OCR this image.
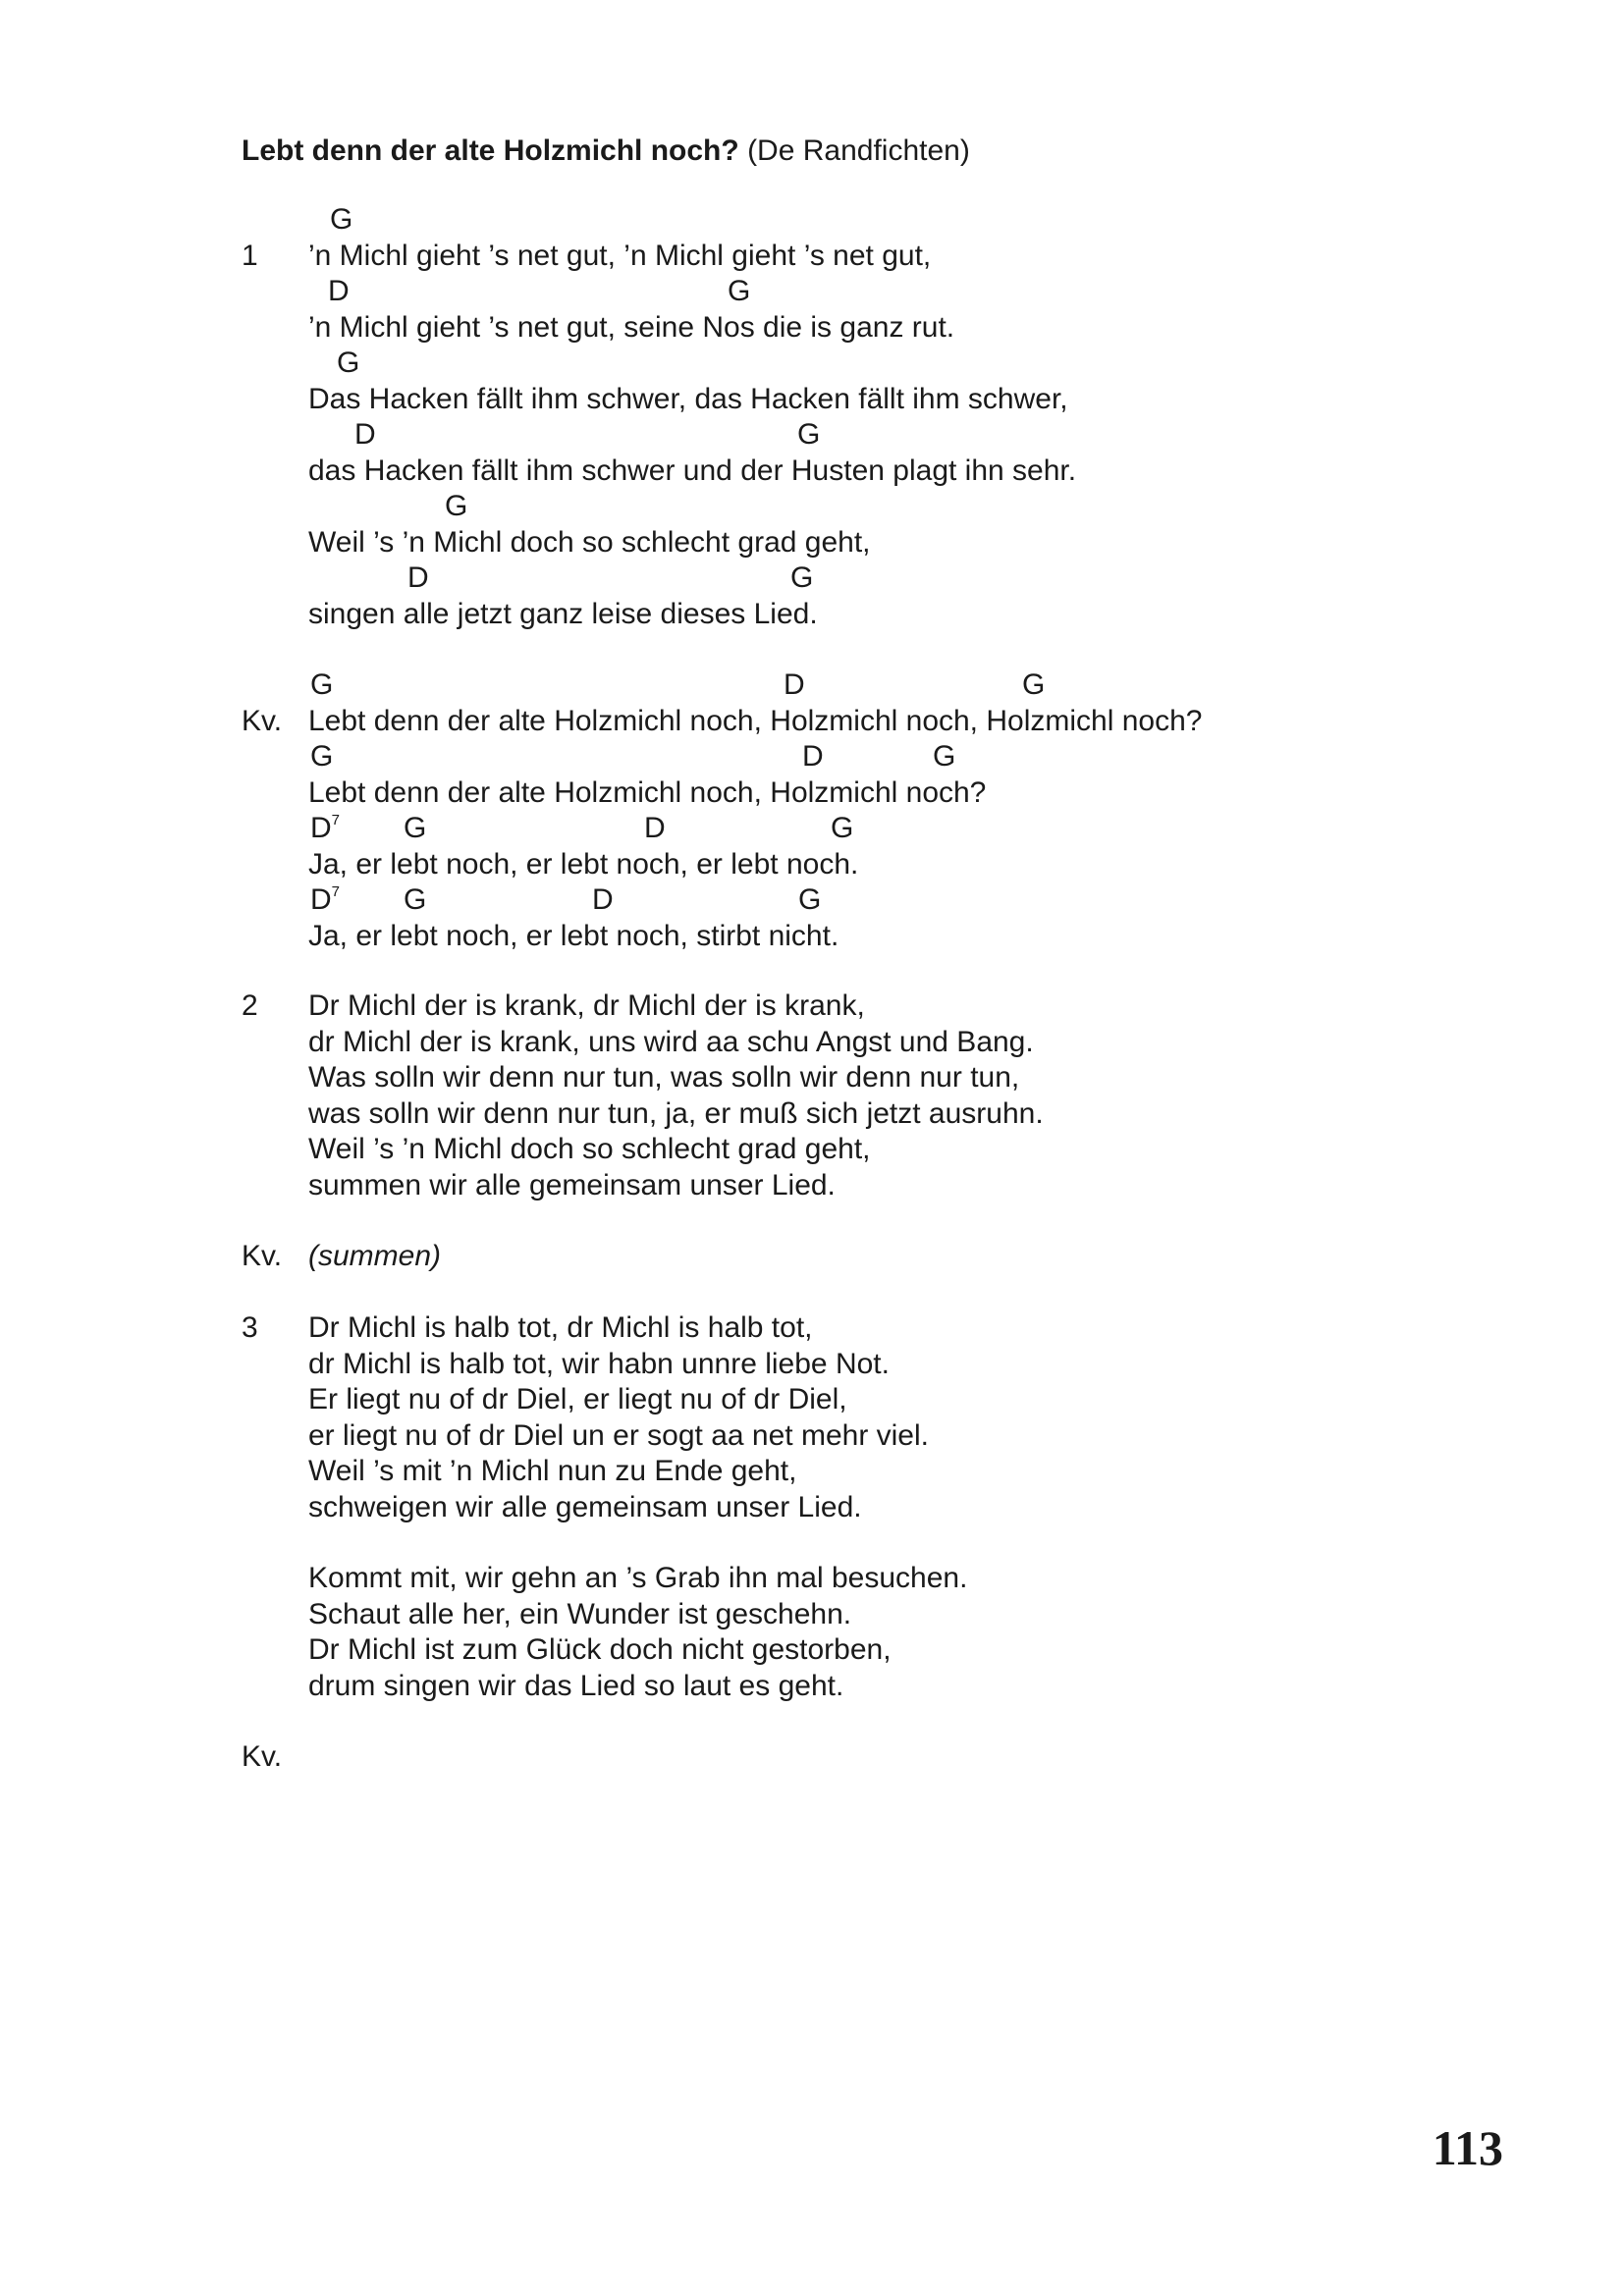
Lebt denn der alte Holzmichl noch? (De Randfichten)
G
1 ’n Michl gieht ’s net gut, ’n Michl gieht ’s net gut,
D	G
’n Michl gieht ’s net gut, seine Nos die is ganz rut.
G
Das Hacken fällt ihm schwer, das Hacken fällt ihm schwer,
D	G
das Hacken fällt ihm schwer und der Husten plagt ihn sehr.
G
Weil ’s ’n Michl doch so schlecht grad geht,
D	G
singen alle jetzt ganz leise dieses Lied.
G	D	G
Kv. Lebt denn der alte Holzmichl noch, Holzmichl noch, Holzmichl noch?
G	D	G
Lebt denn der alte Holzmichl noch, Holzmichl noch?
$D^7$ G	D	G
Ja, er lebt noch, er lebt noch, er lebt noch.
$D^7$ G	D	G
Ja, er lebt noch, er lebt noch, stirbt nicht.
2 Dr Michl der is krank, dr Michl der is krank,
dr Michl der is krank, uns wird aa schu Angst und Bang.
Was solln wir denn nur tun, was solln wir denn nur tun,
was solln wir denn nur tun, ja, er muß sich jetzt ausruhn.
Weil ’s ’n Michl doch so schlecht grad geht,
summen wir alle gemeinsam unser Lied.
Kv. (summen)
3 Dr Michl is halb tot, dr Michl is halb tot,
dr Michl is halb tot, wir habn unnre liebe Not.
Er liegt nu of dr Diel, er liegt nu of dr Diel,
er liegt nu of dr Diel un er sogt aa net mehr viel.
Weil ’s mit ’n Michl nun zu Ende geht,
schweigen wir alle gemeinsam unser Lied.
Kommt mit, wir gehn an ’s Grab ihn mal besuchen.
Schaut alle her, ein Wunder ist geschehn.
Dr Michl ist zum Glück doch nicht gestorben,
drum singen wir das Lied so laut es geht.
Kv.
113
